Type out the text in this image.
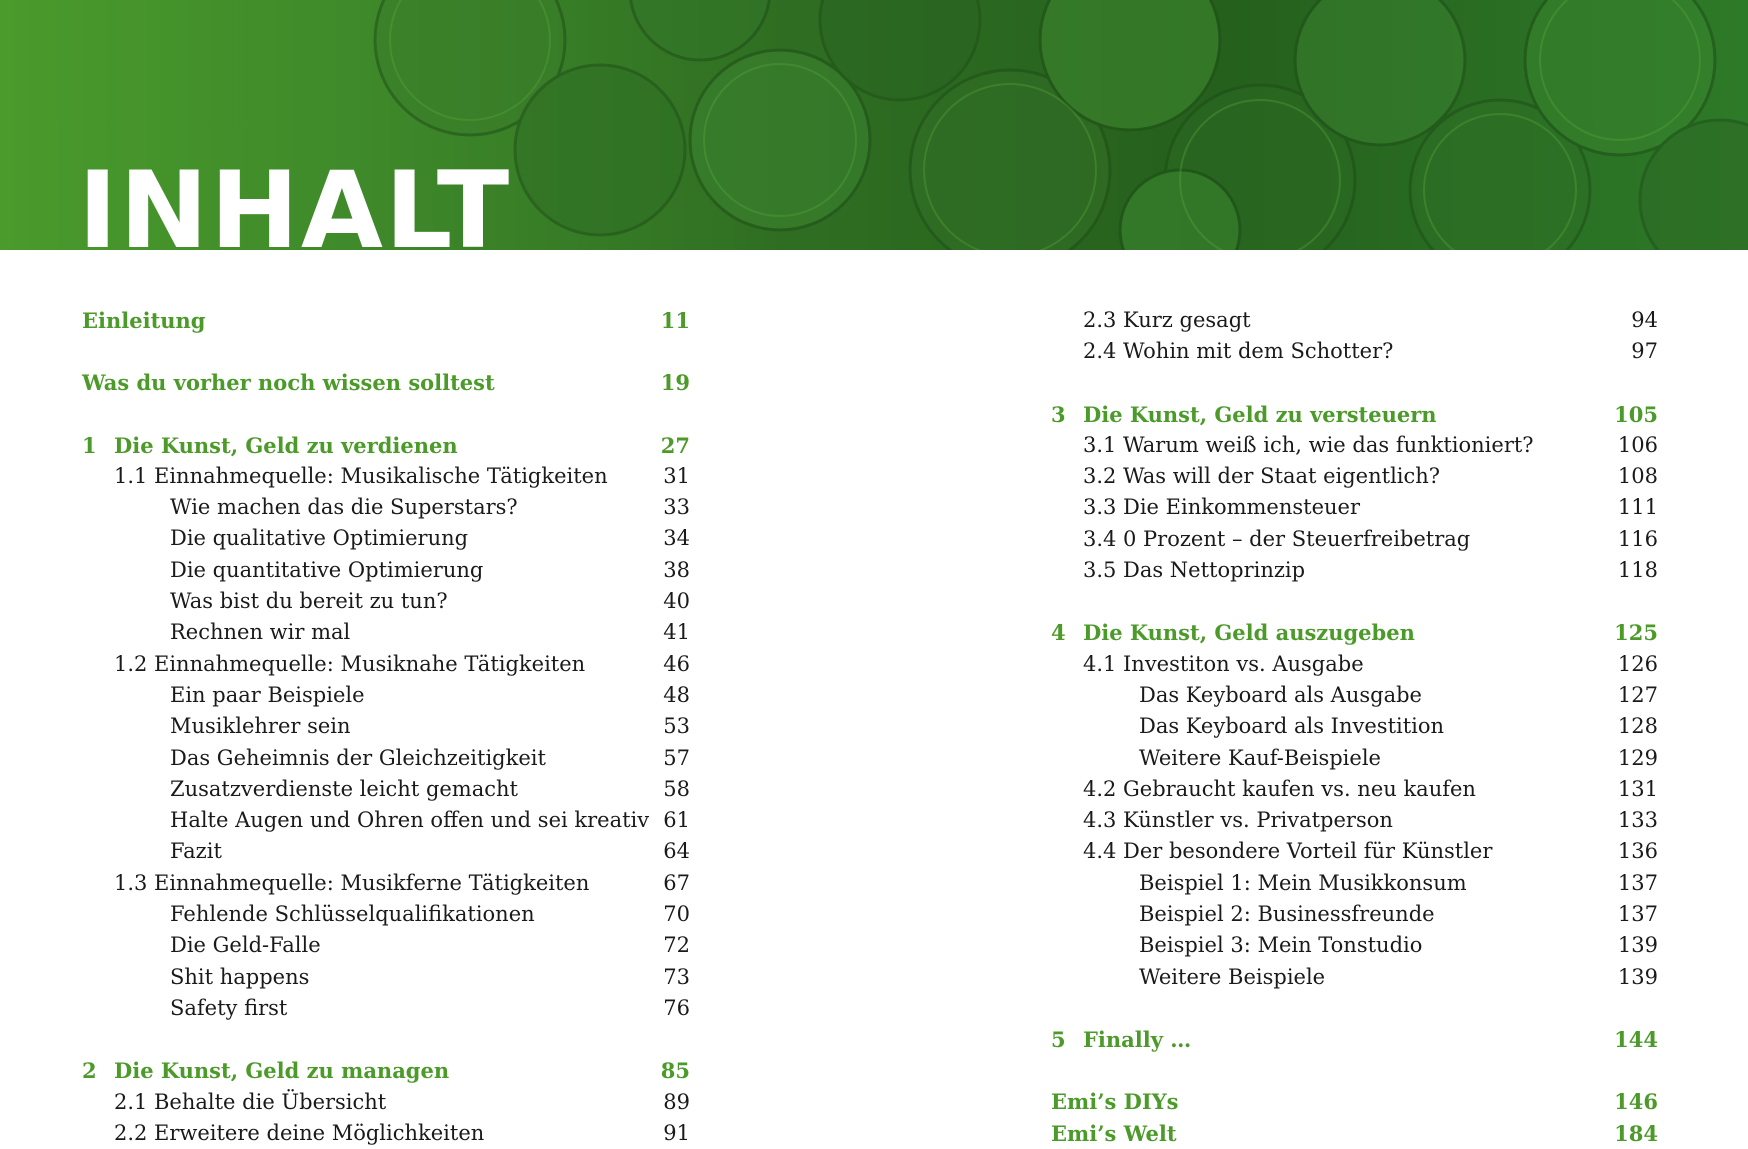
INHALT
Einleitung	11
Was du vorher noch wissen solltest	19
1 Die Kunst, Geld zu verdienen	27
1.1 Einnahmequelle: Musikalische Tätigkeiten	31
Wie machen das die Superstars?	33
Die qualitative Optimierung	34
Die quantitative Optimierung	38
Was bist du bereit zu tun?	40
Rechnen wir mal	41
1.2 Einnahmequelle: Musiknahe Tätigkeiten	46
Ein paar Beispiele	48
Musiklehrer sein	53
Das Geheimnis der Gleichzeitigkeit	57
Zusatzverdienste leicht gemacht	58
Halte Augen und Ohren offen und sei kreativ 61
Fazit	64
1.3 Einnahmequelle: Musikferne Tätigkeiten	67
Fehlende Schlüsselqualifikationen	70
Die Geld-Falle	72
Shit happens	73
Safety first	76
2 Die Kunst, Geld zu managen	85
2.1 Behalte die Übersicht	89
2.2 Erweitere deine Möglichkeiten	91
2.3 Kurz gesagt	94
2.4 Wohin mit dem Schotter?	97
3 Die Kunst, Geld zu versteuern	105
3.1 Warum weiß ich, wie das funktioniert?	106
3.2 Was will der Staat eigentlich?	108
3.3 Die Einkommensteuer	111
3.4 0 Prozent – der Steuerfreibetrag	116
3.5 Das Nettoprinzip	118
4 Die Kunst, Geld auszugeben	125
4.1 Investiton vs. Ausgabe	126
Das Keyboard als Ausgabe	127
Das Keyboard als Investition	128
Weitere Kauf-Beispiele	129
4.2 Gebraucht kaufen vs. neu kaufen	131
4.3 Künstler vs. Privatperson	133
4.4 Der besondere Vorteil für Künstler	136
Beispiel 1: Mein Musikkonsum	137
Beispiel 2: Businessfreunde	137
Beispiel 3: Mein Tonstudio	139
Weitere Beispiele	139
5 Finally …	144
Emi’s DIYs	146
Emi’s Welt	184
